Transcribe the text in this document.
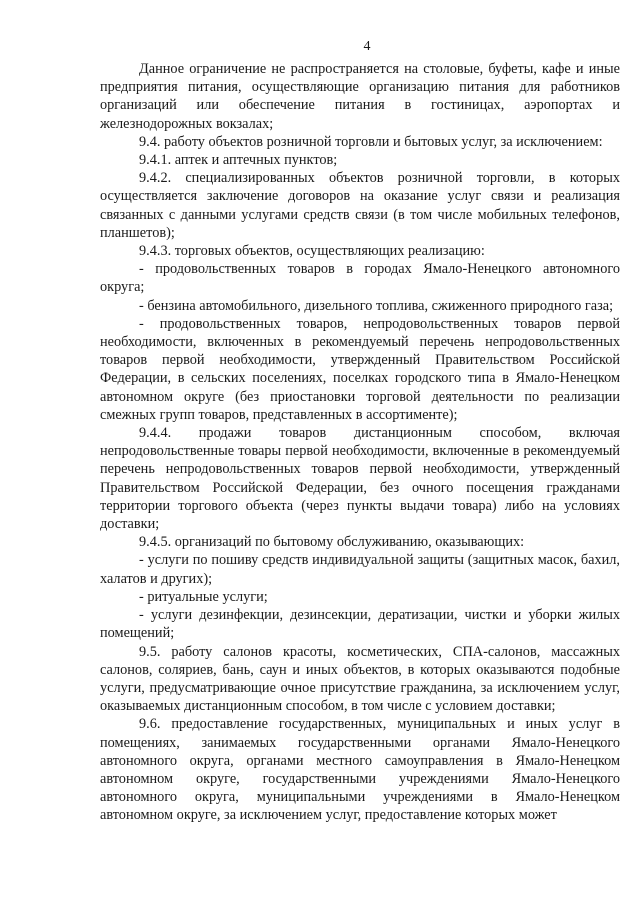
4

Данное ограничение не распространяется на столовые, буфеты, кафе и иные предприятия питания, осуществляющие организацию питания для работников организаций или обеспечение питания в гостиницах, аэропортах и железнодорожных вокзалах;

9.4. работу объектов розничной торговли и бытовых услуг, за исключением:

9.4.1. аптек и аптечных пунктов;

9.4.2. специализированных объектов розничной торговли, в которых осуществляется заключение договоров на оказание услуг связи и реализация связанных с данными услугами средств связи (в том числе мобильных телефонов, планшетов);

9.4.3. торговых объектов, осуществляющих реализацию:

- продовольственных товаров в городах Ямало-Ненецкого автономного округа;

- бензина автомобильного, дизельного топлива, сжиженного природного газа;

- продовольственных товаров, непродовольственных товаров первой необходимости, включенных в рекомендуемый перечень непродовольственных товаров первой необходимости, утвержденный Правительством Российской Федерации, в сельских поселениях, поселках городского типа в Ямало-Ненецком автономном округе (без приостановки торговой деятельности по реализации смежных групп товаров, представленных в ассортименте);

9.4.4. продажи товаров дистанционным способом, включая непродовольственные товары первой необходимости, включенные в рекомендуемый перечень непродовольственных товаров первой необходимости, утвержденный Правительством Российской Федерации, без очного посещения гражданами территории торгового объекта (через пункты выдачи товара) либо на условиях доставки;

9.4.5. организаций по бытовому обслуживанию, оказывающих:

- услуги по пошиву средств индивидуальной защиты (защитных масок, бахил, халатов и других);

- ритуальные услуги;

- услуги дезинфекции, дезинсекции, дератизации, чистки и уборки жилых помещений;

9.5. работу салонов красоты, косметических, СПА-салонов, массажных салонов, соляриев, бань, саун и иных объектов, в которых оказываются подобные услуги, предусматривающие очное присутствие гражданина, за исключением услуг, оказываемых дистанционным способом, в том числе с условием доставки;

9.6. предоставление государственных, муниципальных и иных услуг в помещениях, занимаемых государственными органами Ямало-Ненецкого автономного округа, органами местного самоуправления в Ямало-Ненецком автономном округе, государственными учреждениями Ямало-Ненецкого автономного округа, муниципальными учреждениями в Ямало-Ненецком автономном округе, за исключением услуг, предоставление которых может
